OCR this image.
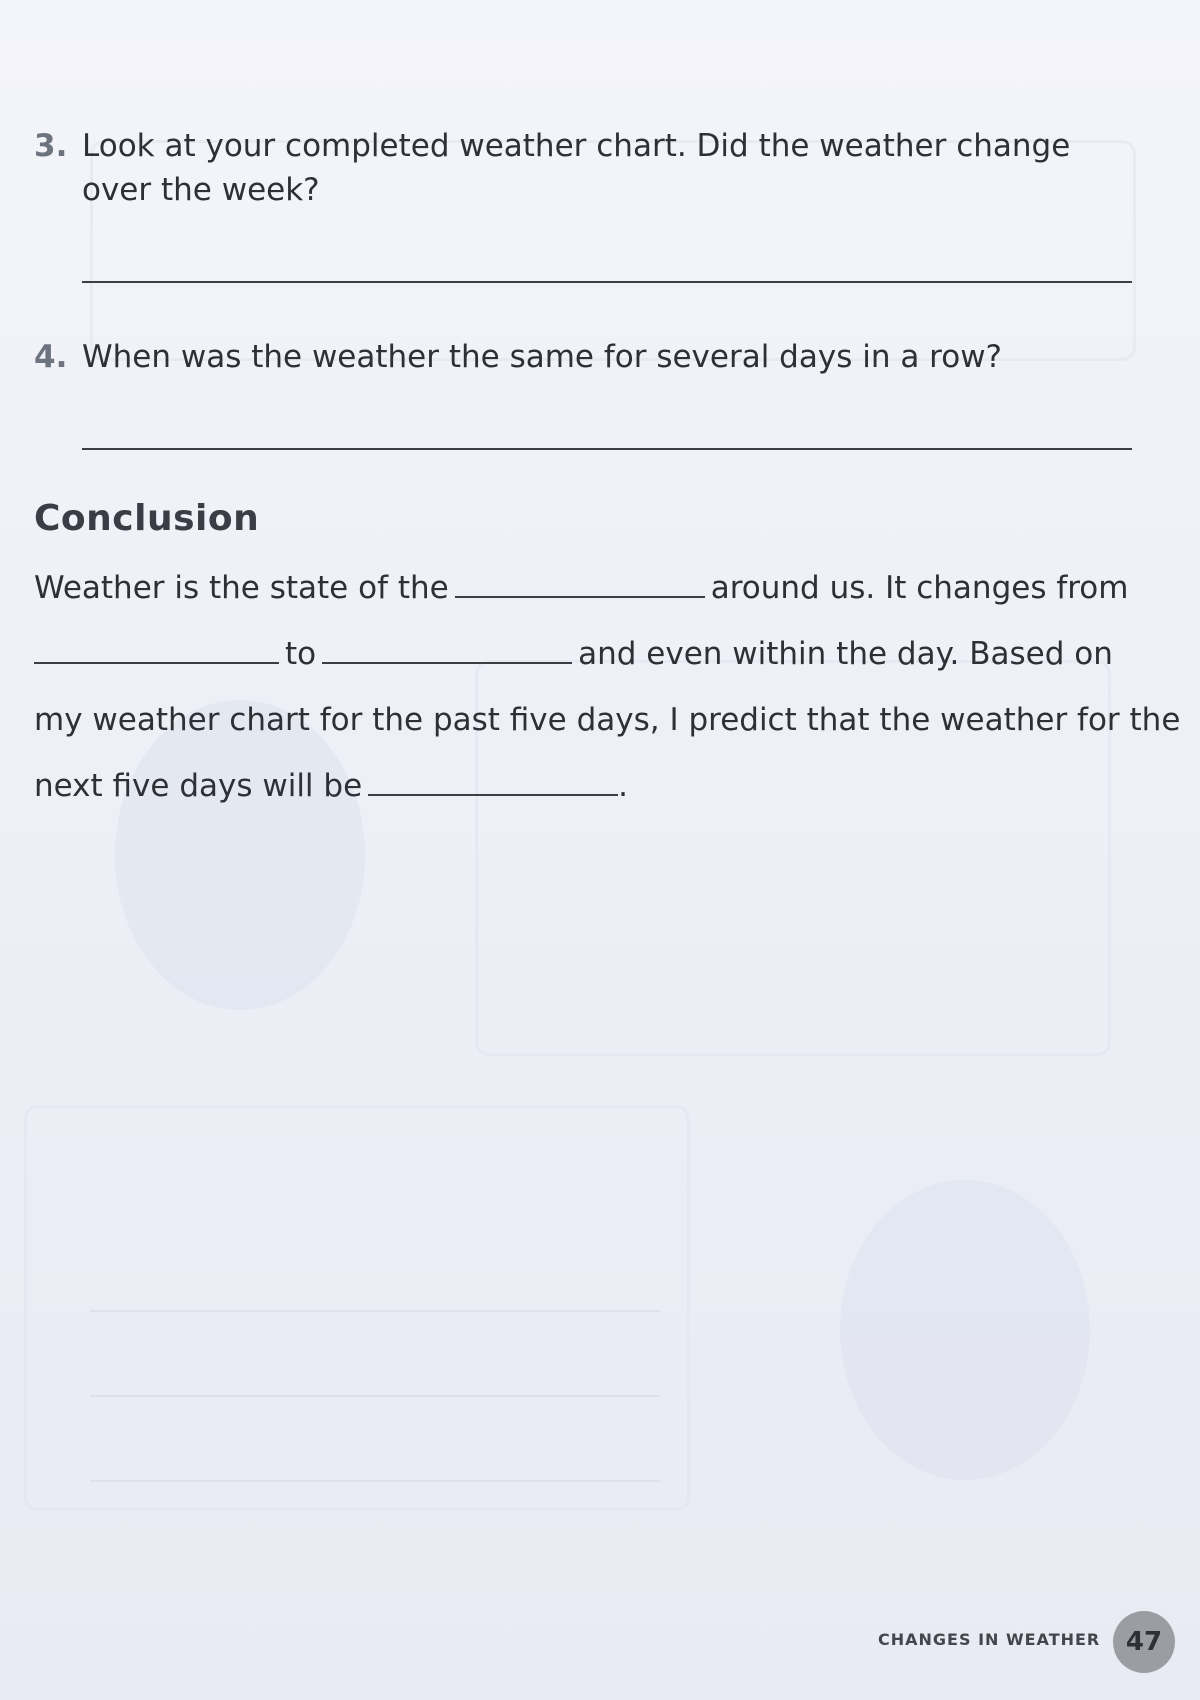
3. Look at your completed weather chart. Did the weather change over the week?
4. When was the weather the same for several days in a row?
Conclusion
Weather is the state of the	around us. It changes from
to	and even within the day. Based on
my weather chart for the past five days, I predict that the weather for the
next five days will be	.
CHANGES IN WEATHER 47
